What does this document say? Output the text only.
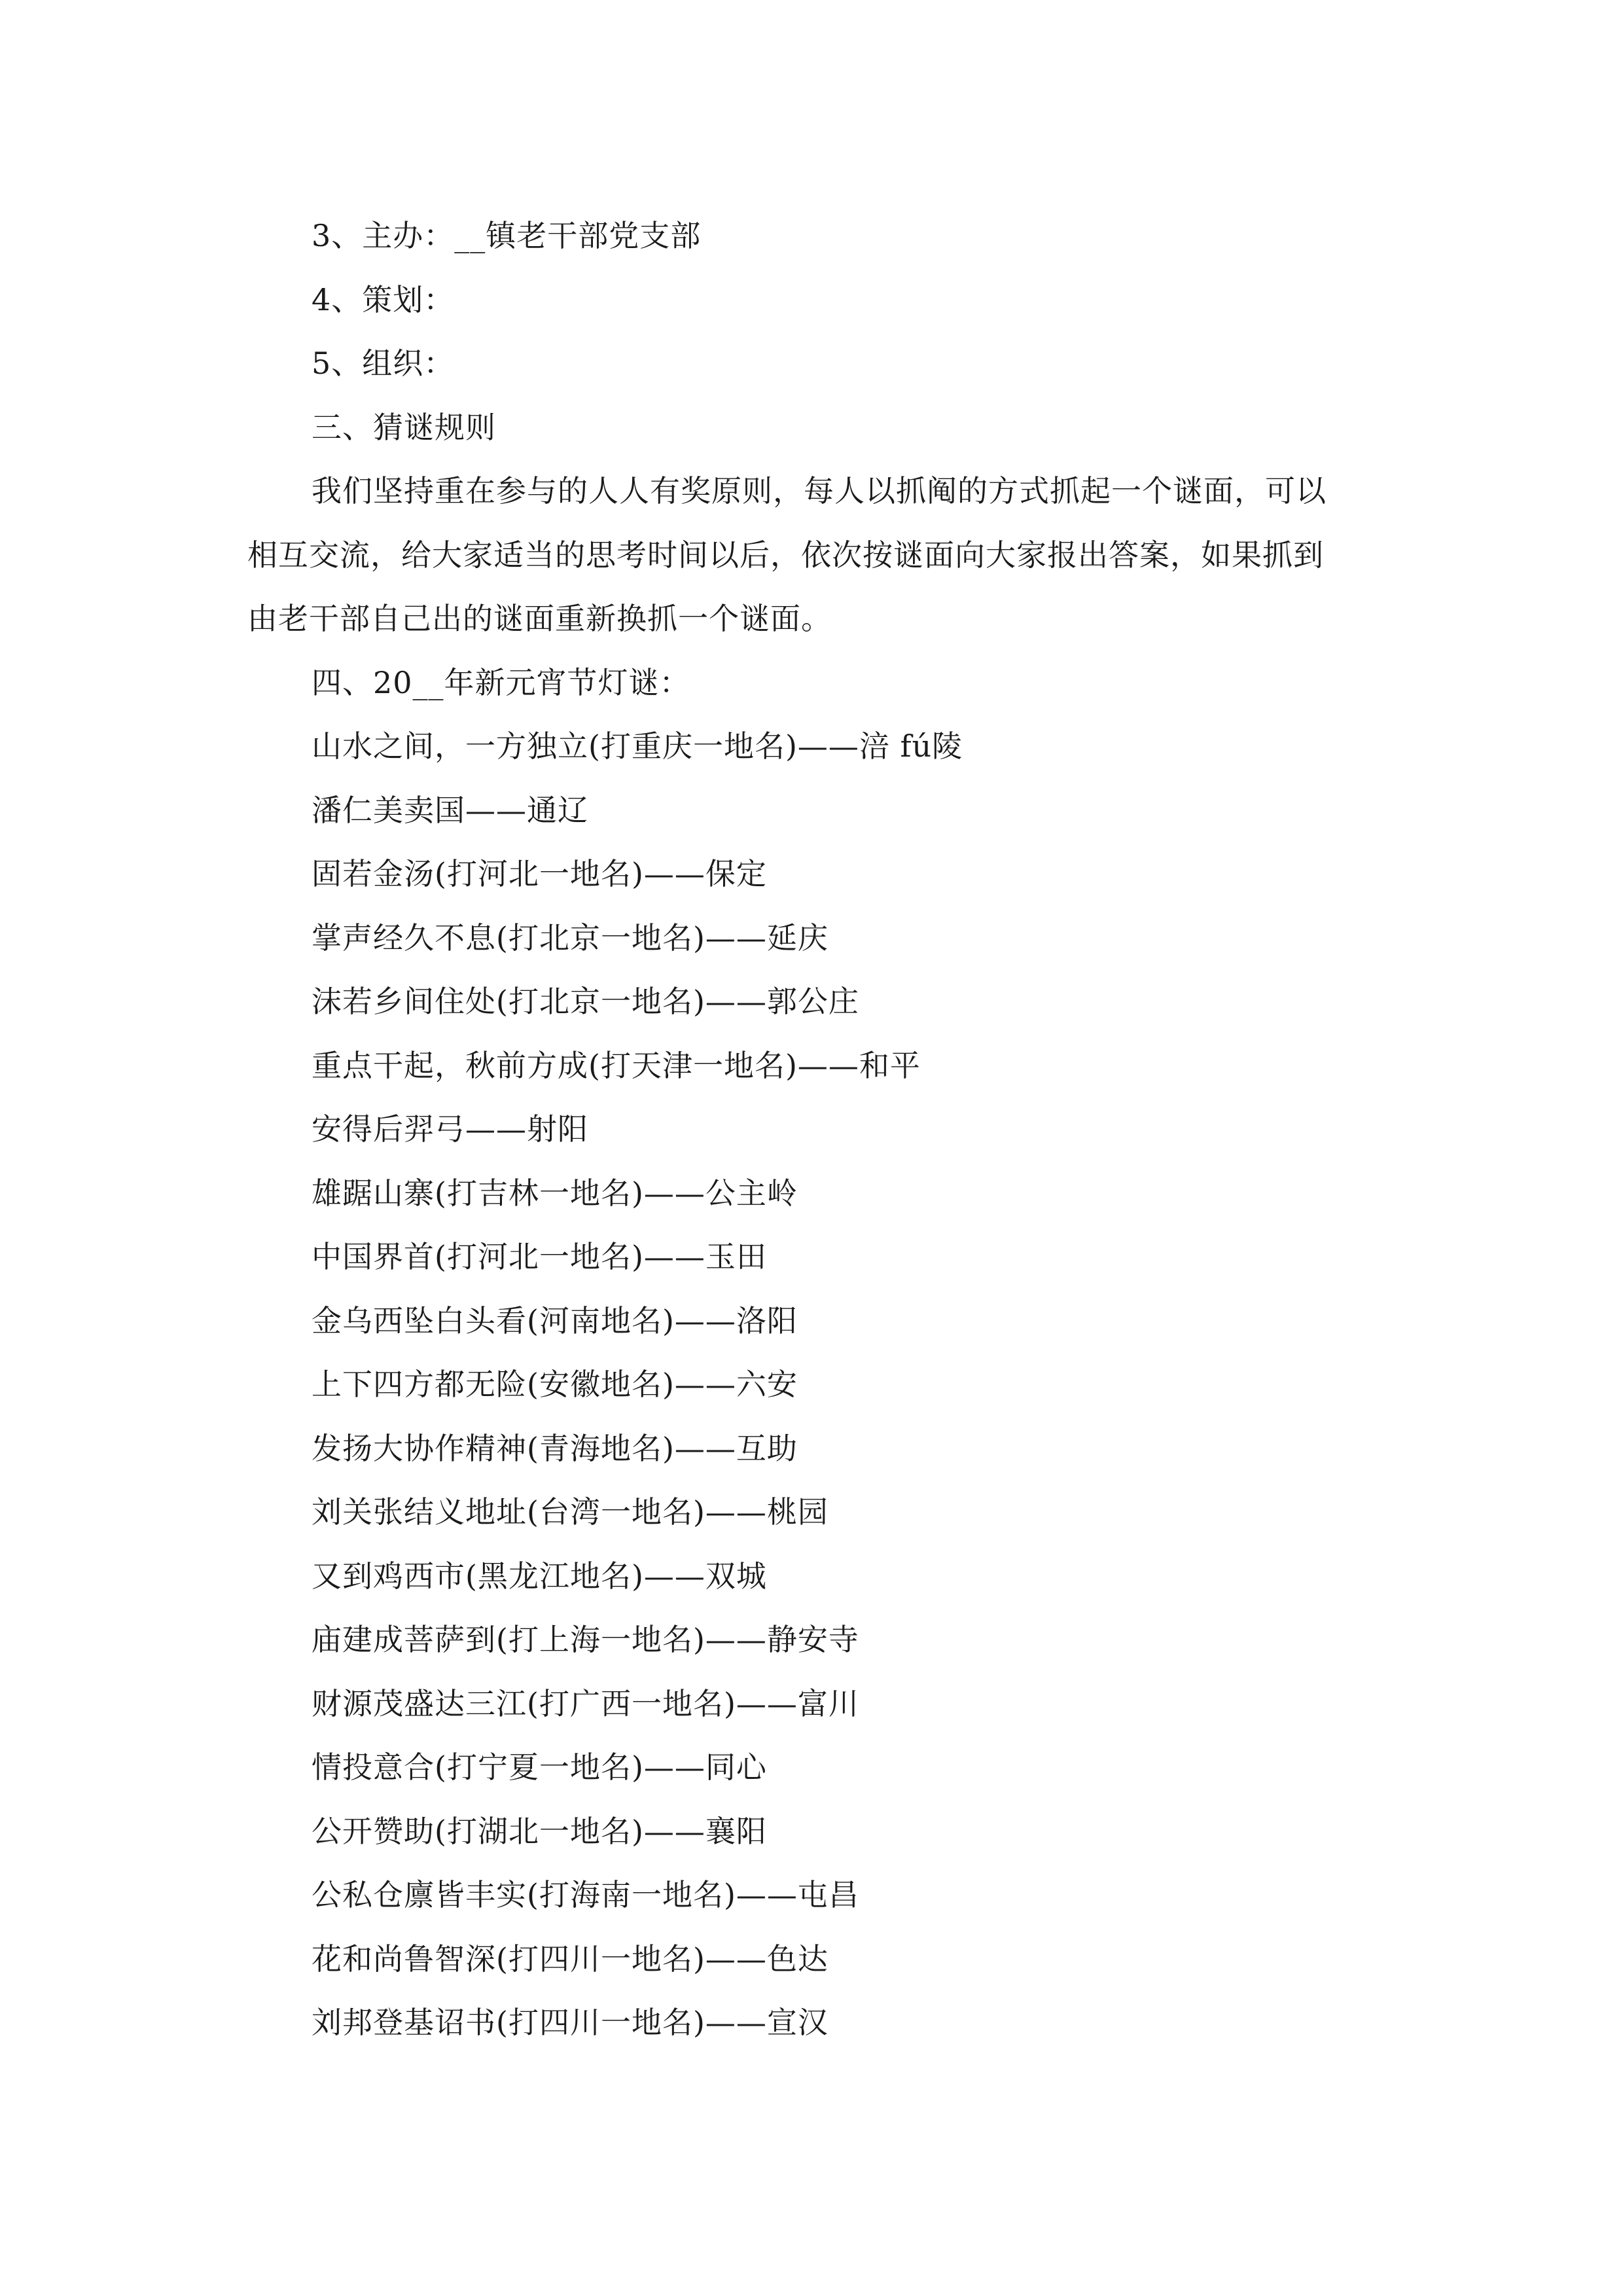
3、主办：__镇老干部党支部
4、策划：
5、组织：
三、猜谜规则
我们坚持重在参与的人人有奖原则，每人以抓阄的方式抓起一个谜面，可以
相互交流，给大家适当的思考时间以后，依次按谜面向大家报出答案，如果抓到
由老干部自己出的谜面重新换抓一个谜面。
四、20__年新元宵节灯谜：
山水之间，一方独立(打重庆一地名)——涪 fú陵
潘仁美卖国——通辽
固若金汤(打河北一地名)——保定
掌声经久不息(打北京一地名)——延庆
沫若乡间住处(打北京一地名)——郭公庄
重点干起，秋前方成(打天津一地名)——和平
安得后羿弓——射阳
雄踞山寨(打吉林一地名)——公主岭
中国界首(打河北一地名)——玉田
金乌西坠白头看(河南地名)——洛阳
上下四方都无险(安徽地名)——六安
发扬大协作精神(青海地名)——互助
刘关张结义地址(台湾一地名)——桃园
又到鸡西市(黑龙江地名)——双城
庙建成菩萨到(打上海一地名)——静安寺
财源茂盛达三江(打广西一地名)——富川
情投意合(打宁夏一地名)——同心
公开赞助(打湖北一地名)——襄阳
公私仓廪皆丰实(打海南一地名)——屯昌
花和尚鲁智深(打四川一地名)——色达
刘邦登基诏书(打四川一地名)——宣汉
